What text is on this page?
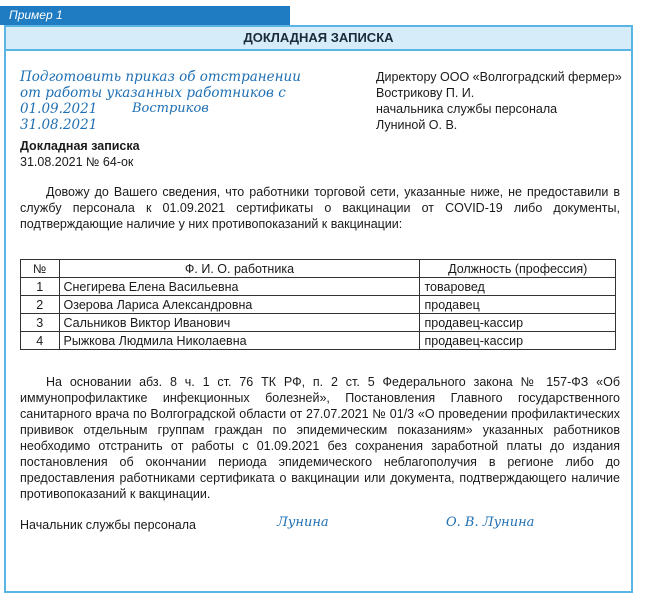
Пример 1
ДОКЛАДНАЯ ЗАПИСКА
Подготовить приказ об отстранении
от работы указанных работников с 01.09.2021
31.08.2021
Востриков
Директору ООО «Волгоградский фермер»
Вострикову П. И.
начальника службы персонала
Луниной О. В.
Докладная записка
31.08.2021 № 64-ок
Довожу до Вашего сведения, что работники торговой сети, указанные ниже, не предоставили в службу персонала к 01.09.2021 сертификаты о вакцинации от COVID-19 либо документы, подтверждающие наличие у них противопоказаний к вакцинации:
№	Ф. И. О. работника	Должность (профессия)
1	Снегирева Елена Васильевна	товаровед
2	Озерова Лариса Александровна	продавец
3	Сальников Виктор Иванович	продавец-кассир
4	Рыжкова Людмила Николаевна	продавец-кассир
На основании абз. 8 ч. 1 ст. 76 ТК РФ, п. 2 ст. 5 Федерального закона № 157-ФЗ «Об иммунопрофилактике инфекционных болезней», Постановления Главного государственного санитарного врача по Волгоградской области от 27.07.2021 № 01/3 «О проведении профилактических прививок отдельным группам граждан по эпидемическим показаниям» указанных работников необходимо отстранить от работы с 01.09.2021 без сохранения заработной платы до издания постановления об окончании периода эпидемического неблагополучия в регионе либо до предоставления работниками сертификата о вакцинации или документа, подтверждающего наличие противопоказаний к вакцинации.
Начальник службы персонала	Лунина	О. В. Лунина
